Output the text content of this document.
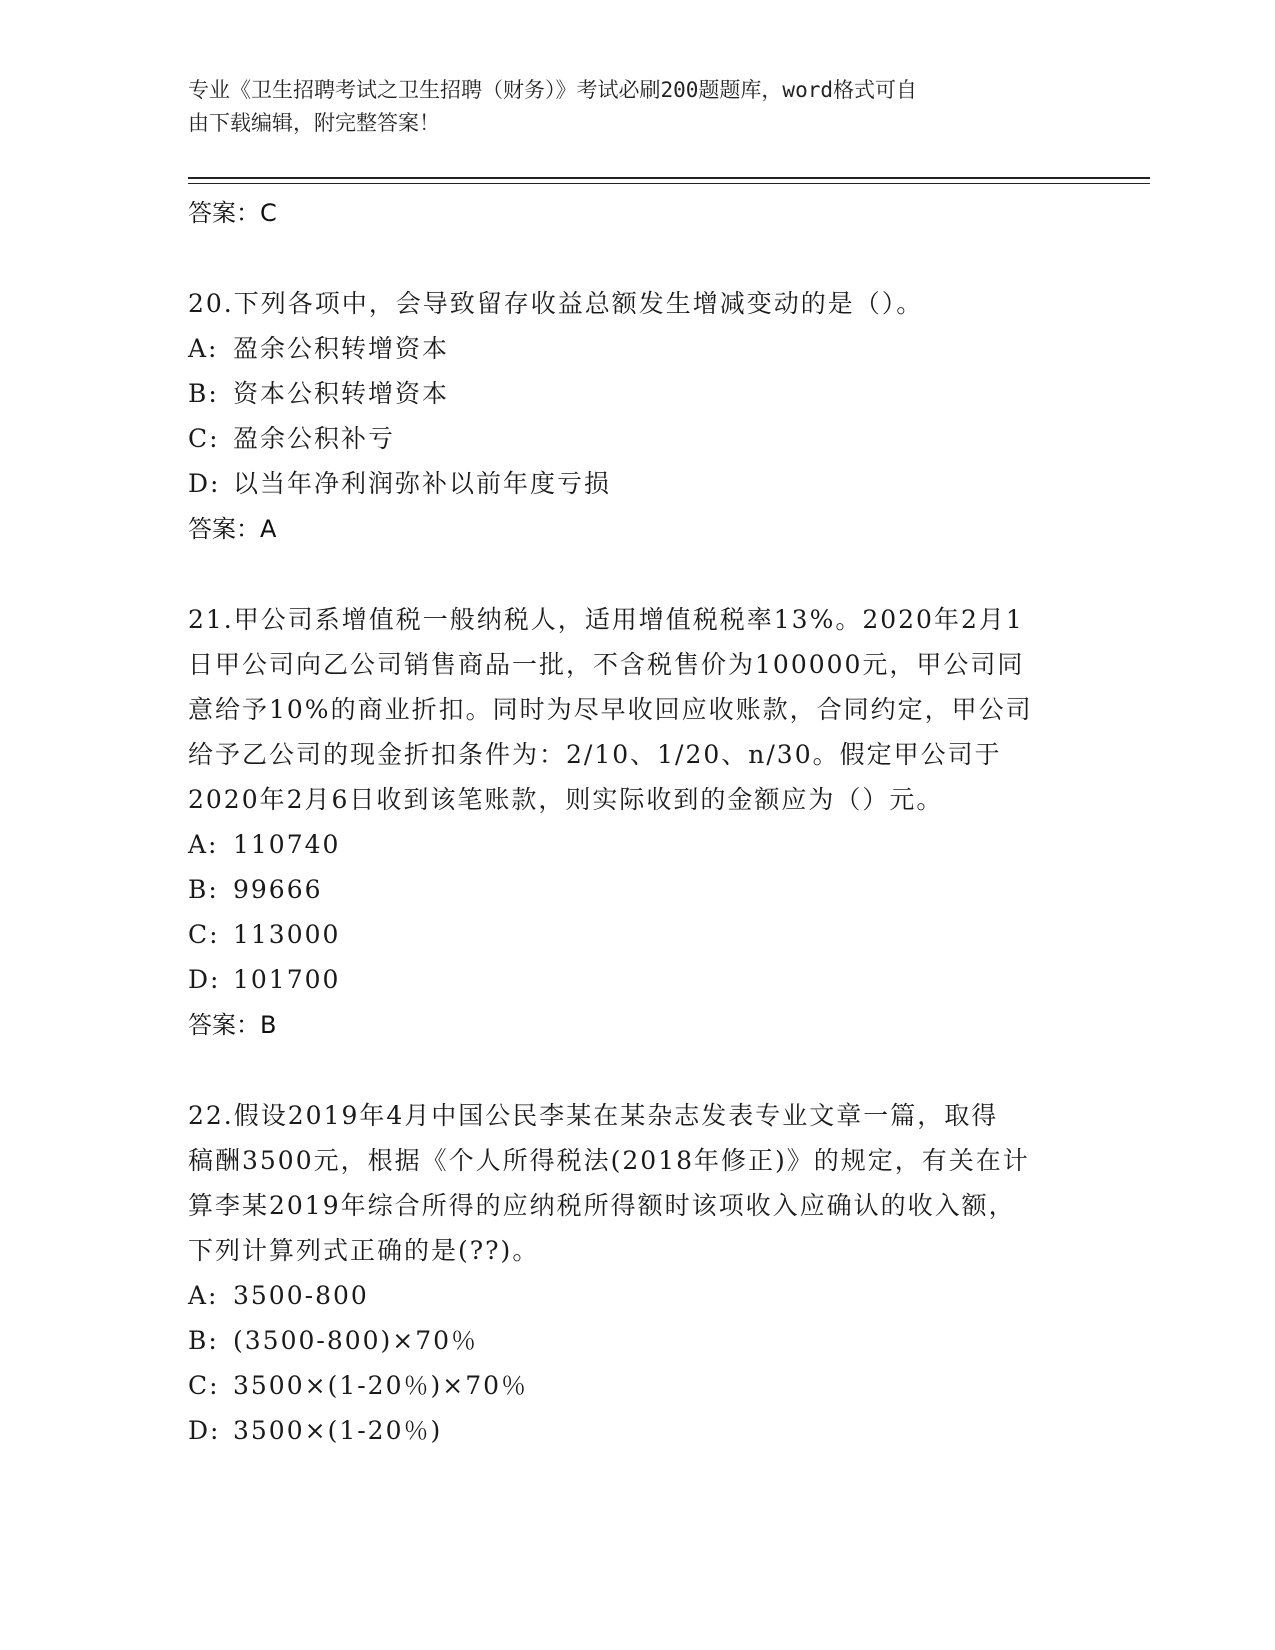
专业《卫生招聘考试之卫生招聘（财务）》考试必刷200题题库，word格式可自
由下载编辑，附完整答案！
答案：C
20.下列各项中，会导致留存收益总额发生增减变动的是（）。
A: 盈余公积转增资本
B: 资本公积转增资本
C: 盈余公积补亏
D: 以当年净利润弥补以前年度亏损
答案：A
21.甲公司系增值税一般纳税人，适用增值税税率13%。2020年2月1
日甲公司向乙公司销售商品一批，不含税售价为100000元，甲公司同
意给予10%的商业折扣。同时为尽早收回应收账款，合同约定，甲公司
给予乙公司的现金折扣条件为：2/10、1/20、n/30。假定甲公司于
2020年2月6日收到该笔账款，则实际收到的金额应为（）元。
A: 110740
B: 99666
C: 113000
D: 101700
答案：B
22.假设2019年4月中国公民李某在某杂志发表专业文章一篇，取得
稿酬3500元，根据《个人所得税法(2018年修正)》的规定，有关在计
算李某2019年综合所得的应纳税所得额时该项收入应确认的收入额，
下列计算列式正确的是(??)。
A: 3500-800
B: (3500-800)×70％
C: 3500×(1-20％)×70％
D: 3500×(1-20％)
